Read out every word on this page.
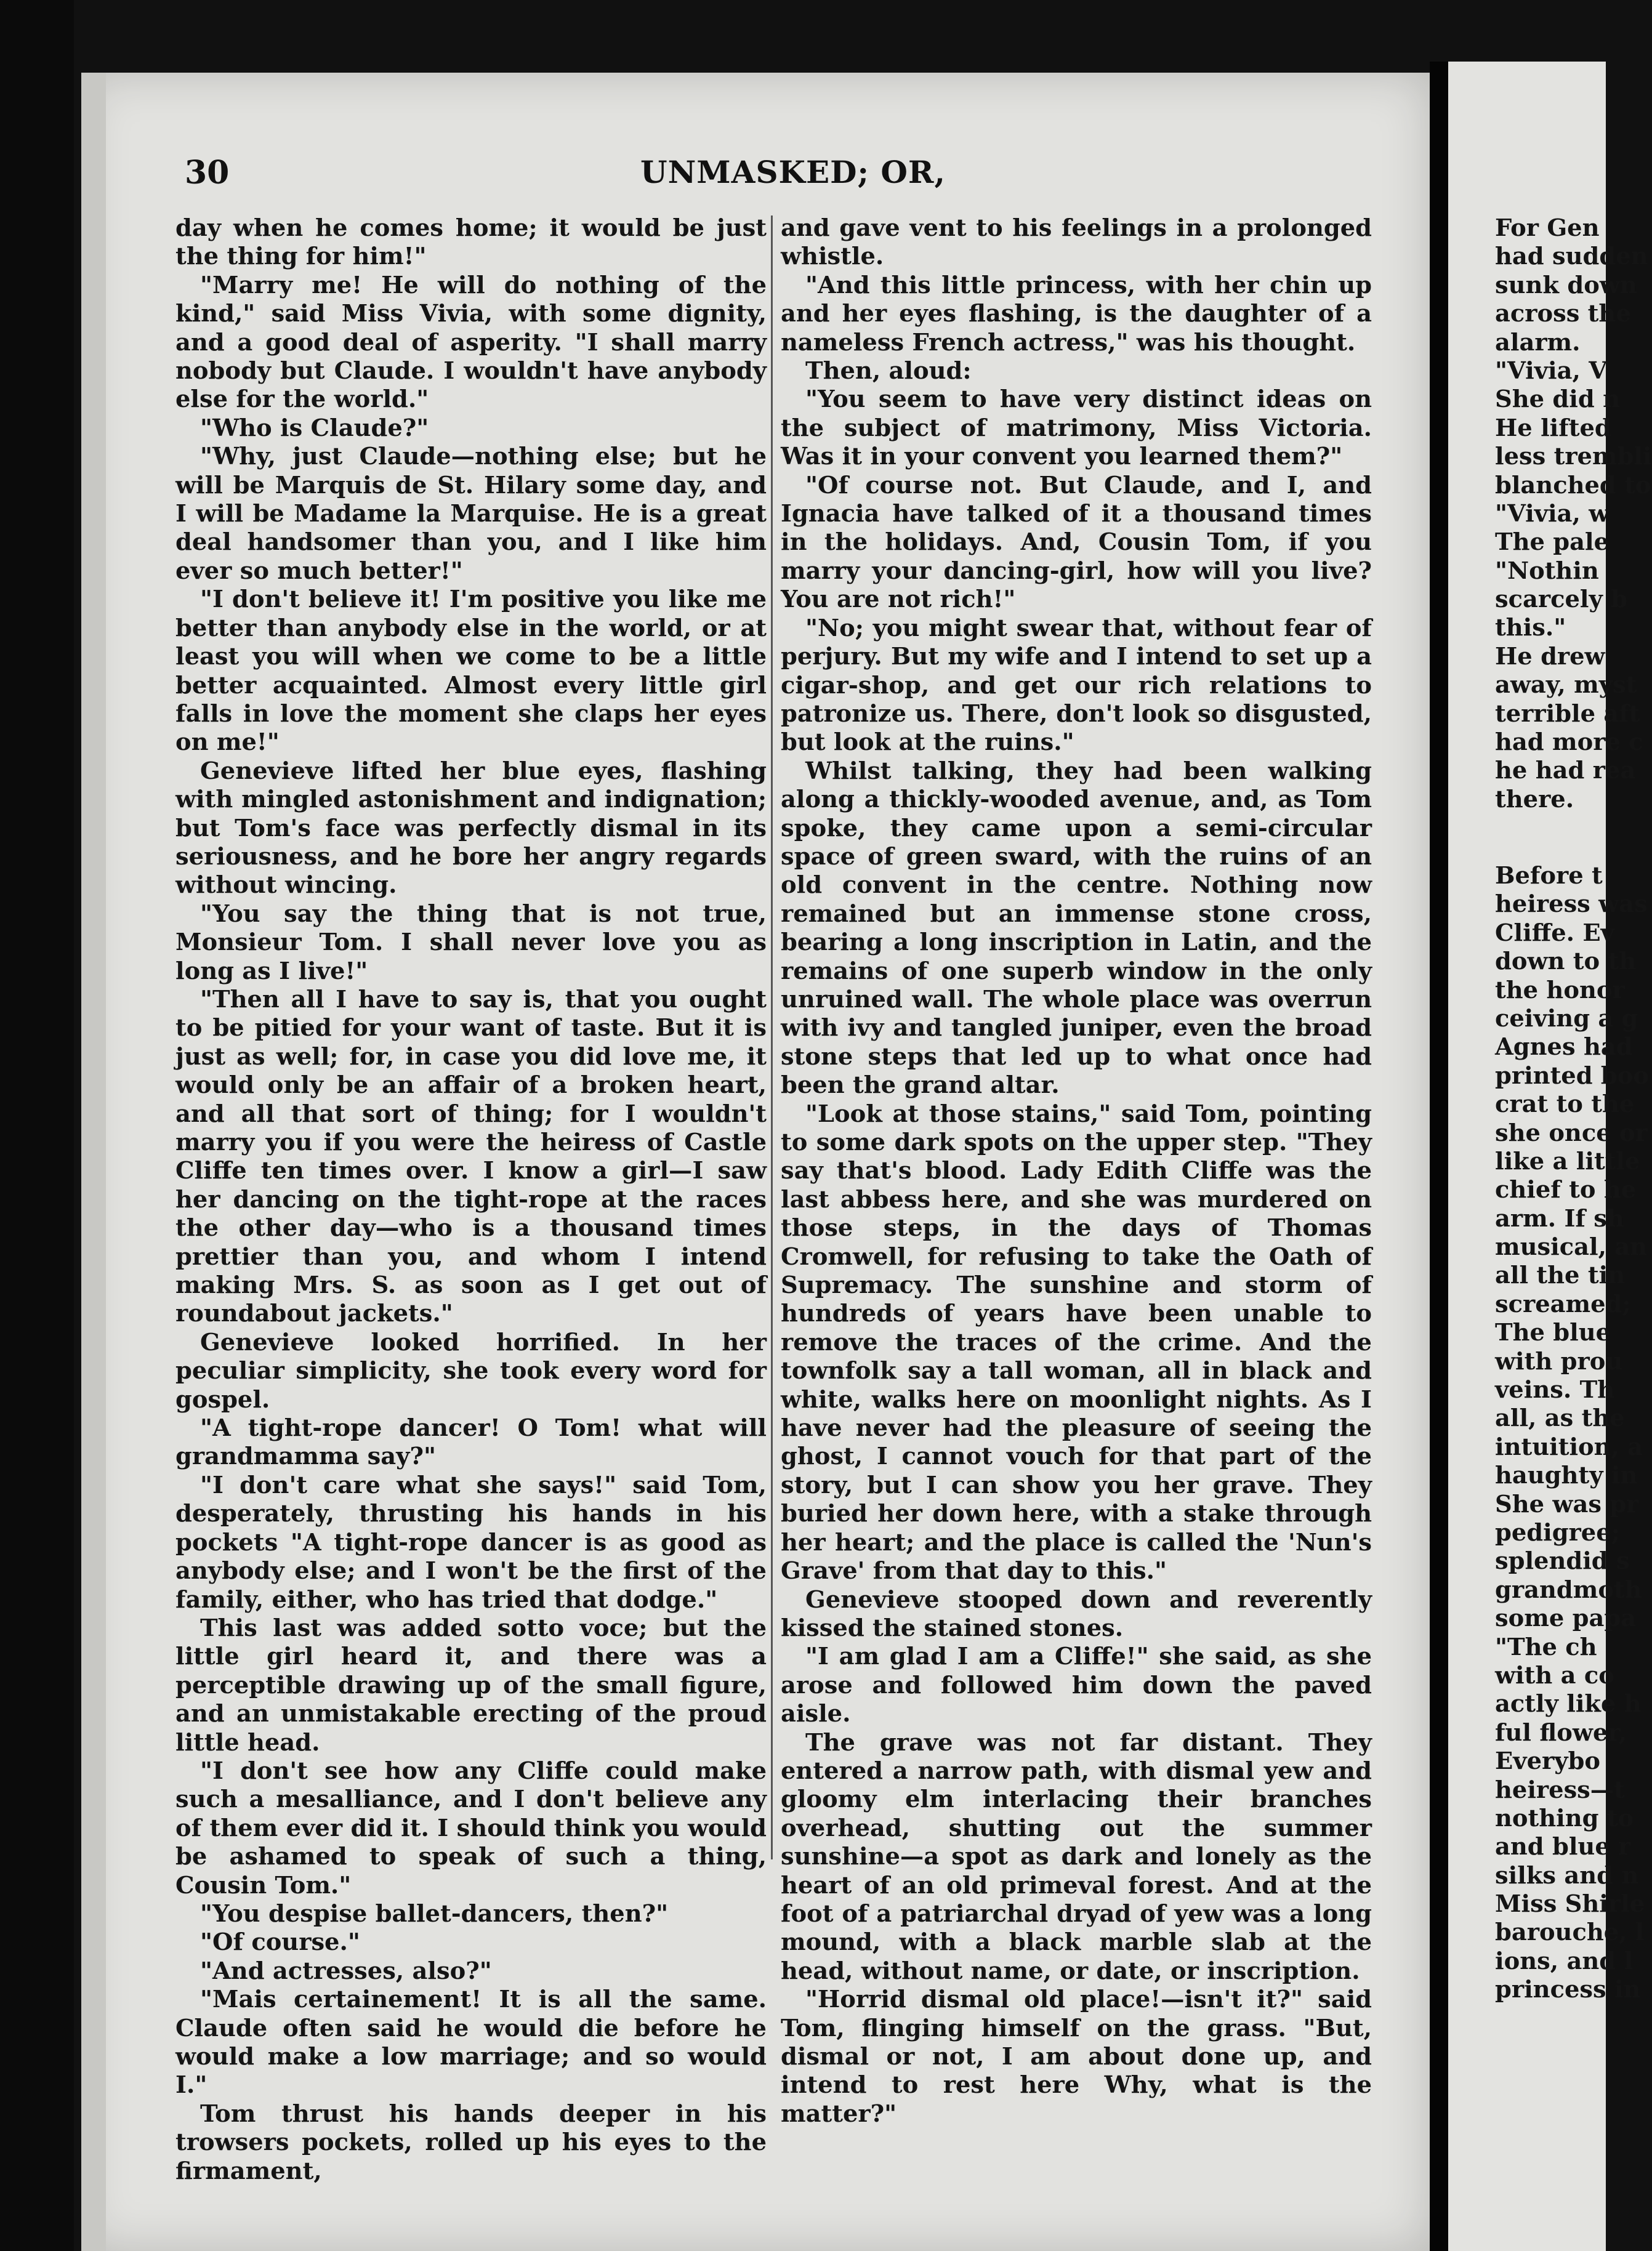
30	UNMASKED; OR,

day when he comes home; it would be just the thing for him!"

"Marry me! He will do nothing of the kind," said Miss Vivia, with some dignity, and a good deal of asperity. "I shall marry nobody but Claude. I wouldn't have anybody else for the world."

"Who is Claude?"

"Why, just Claude—nothing else; but he will be Marquis de St. Hilary some day, and I will be Madame la Marquise. He is a great deal handsomer than you, and I like him ever so much better!"

"I don't believe it! I'm positive you like me better than anybody else in the world, or at least you will when we come to be a little better acquainted. Almost every little girl falls in love the moment she claps her eyes on me!"

Genevieve lifted her blue eyes, flashing with mingled astonishment and indignation; but Tom's face was perfectly dismal in its seriousness, and he bore her angry regards without wincing.

"You say the thing that is not true, Monsieur Tom. I shall never love you as long as I live!"

"Then all I have to say is, that you ought to be pitied for your want of taste. But it is just as well; for, in case you did love me, it would only be an affair of a broken heart, and all that sort of thing; for I wouldn't marry you if you were the heiress of Castle Cliffe ten times over. I know a girl—I saw her dancing on the tight-rope at the races the other day—who is a thousand times prettier than you, and whom I intend making Mrs. S. as soon as I get out of roundabout jackets."

Genevieve looked horrified. In her peculiar simplicity, she took every word for gospel.

"A tight-rope dancer! O Tom! what will grandmamma say?"

"I don't care what she says!" said Tom, desperately, thrusting his hands in his pockets "A tight-rope dancer is as good as anybody else; and I won't be the first of the family, either, who has tried that dodge."

This last was added sotto voce; but the little girl heard it, and there was a perceptible drawing up of the small figure, and an unmistakable erecting of the proud little head.

"I don't see how any Cliffe could make such a mesalliance, and I don't believe any of them ever did it. I should think you would be ashamed to speak of such a thing, Cousin Tom."

"You despise ballet-dancers, then?"

"Of course."

"And actresses, also?"

"Mais certainement! It is all the same. Claude often said he would die before he would make a low marriage; and so would I."

Tom thrust his hands deeper in his trowsers pockets, rolled up his eyes to the firmament,

and gave vent to his feelings in a prolonged whistle.

"And this little princess, with her chin up and her eyes flashing, is the daughter of a nameless French actress," was his thought.

Then, aloud:

"You seem to have very distinct ideas on the subject of matrimony, Miss Victoria. Was it in your convent you learned them?"

"Of course not. But Claude, and I, and Ignacia have talked of it a thousand times in the holidays. And, Cousin Tom, if you marry your dancing-girl, how will you live? You are not rich!"

"No; you might swear that, without fear of perjury. But my wife and I intend to set up a cigar-shop, and get our rich relations to patronize us. There, don't look so disgusted, but look at the ruins."

Whilst talking, they had been walking along a thickly-wooded avenue, and, as Tom spoke, they came upon a semi-circular space of green sward, with the ruins of an old convent in the centre. Nothing now remained but an immense stone cross, bearing a long inscription in Latin, and the remains of one superb window in the only unruined wall. The whole place was overrun with ivy and tangled juniper, even the broad stone steps that led up to what once had been the grand altar.

"Look at those stains," said Tom, pointing to some dark spots on the upper step. "They say that's blood. Lady Edith Cliffe was the last abbess here, and she was murdered on those steps, in the days of Thomas Cromwell, for refusing to take the Oath of Supremacy. The sunshine and storm of hundreds of years have been unable to remove the traces of the crime. And the townfolk say a tall woman, all in black and white, walks here on moonlight nights. As I have never had the pleasure of seeing the ghost, I cannot vouch for that part of the story, but I can show you her grave. They buried her down here, with a stake through her heart; and the place is called the 'Nun's Grave' from that day to this."

Genevieve stooped down and reverently kissed the stained stones.

"I am glad I am a Cliffe!" she said, as she arose and followed him down the paved aisle.

The grave was not far distant. They entered a narrow path, with dismal yew and gloomy elm interlacing their branches overhead, shutting out the summer sunshine—a spot as dark and lonely as the heart of an old primeval forest. And at the foot of a patriarchal dryad of yew was a long mound, with a black marble slab at the head, without name, or date, or inscription.

"Horrid dismal old place!—isn't it?" said Tom, flinging himself on the grass. "But, dismal or not, I am about done up, and intend to rest here Why, what is the matter?"

For Gen
had sudden
sunk down
across the
alarm.
"Vivia, V
She did n
He lifted
less trembli
blanched to
"Vivia, w
The pale
"Nothin
scarcely b
this."
He drew
away, myst
terrible aft
had more c
he had rea
there.
Before t
heiress was
Cliffe. Ev
down to th
the honor
ceiving a g
Agnes had
printed boo
crat to the
she once or
like a little
chief to he
arm. If sh
musical, an
all the tin
screamed;
The blue
with prou
veins. Th
all, as the
intuition, a
haughty in
She was pr
pedigree;
splendid s
grandmoth
some papa
"The ch
with a co
actly like h
ful flower,
Everybo
heiress—t
nothing to
and blue r
silks and n
Miss Shirle
barouche, l
ions, and l
princess in
